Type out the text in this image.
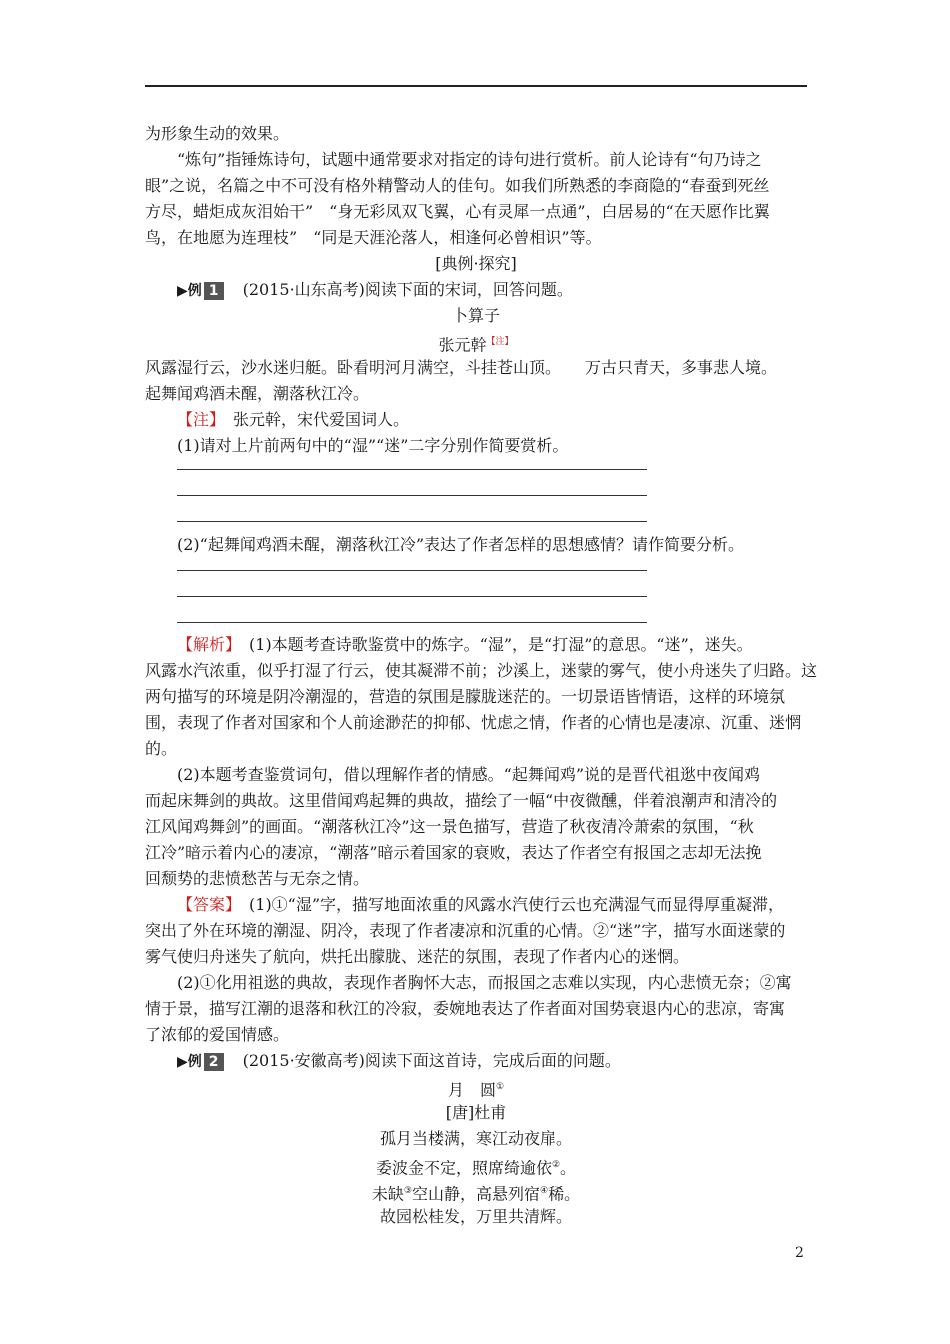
为形象生动的效果。

“炼句”指锤炼诗句，试题中通常要求对指定的诗句进行赏析。前人论诗有“句乃诗之

眼”之说，名篇之中不可没有格外精警动人的佳句。如我们所熟悉的李商隐的“春蚕到死丝

方尽，蜡炬成灰泪始干”　“身无彩凤双飞翼，心有灵犀一点通”，白居易的“在天愿作比翼

鸟，在地愿为连理枝”　“同是天涯沦落人，相逢何必曾相识”等。

[典例·探究]

▶例 1 (2015·山东高考)阅读下面的宋词，回答问题。

卜算子

张元幹$^{【注】}$

风露湿行云，沙水迷归艇。卧看明河月满空，斗挂苍山顶。　　万古只青天，多事悲人境。

起舞闻鸡酒未醒，潮落秋江冷。

【注】　张元幹，宋代爱国词人。

(1)请对上片前两句中的“湿”“迷”二字分别作简要赏析。

(2)“起舞闻鸡酒未醒，潮落秋江冷”表达了作者怎样的思想感情？请作简要分析。

【解析】　(1)本题考查诗歌鉴赏中的炼字。“湿”，是“打湿”的意思。“迷”，迷失。

风露水汽浓重，似乎打湿了行云，使其凝滞不前；沙溪上，迷蒙的雾气，使小舟迷失了归路。这

两句描写的环境是阴冷潮湿的，营造的氛围是朦胧迷茫的。一切景语皆情语，这样的环境氛

围，表现了作者对国家和个人前途渺茫的抑郁、忧虑之情，作者的心情也是凄凉、沉重、迷惘

的。

(2)本题考查鉴赏词句，借以理解作者的情感。“起舞闻鸡”说的是晋代祖逖中夜闻鸡

而起床舞剑的典故。这里借闻鸡起舞的典故，描绘了一幅“中夜微醺，伴着浪潮声和清冷的

江风闻鸡舞剑”的画面。“潮落秋江冷”这一景色描写，营造了秋夜清冷萧索的氛围，“秋

江冷”暗示着内心的凄凉，“潮落”暗示着国家的衰败，表达了作者空有报国之志却无法挽

回颓势的悲愤愁苦与无奈之情。

【答案】　(1)①“湿”字，描写地面浓重的风露水汽使行云也充满湿气而显得厚重凝滞，

突出了外在环境的潮湿、阴冷，表现了作者凄凉和沉重的心情。②“迷”字，描写水面迷蒙的

雾气使归舟迷失了航向，烘托出朦胧、迷茫的氛围，表现了作者内心的迷惘。

(2)①化用祖逖的典故，表现作者胸怀大志，而报国之志难以实现，内心悲愤无奈；②寓

情于景，描写江潮的退落和秋江的冷寂，委婉地表达了作者面对国势衰退内心的悲凉，寄寓

了浓郁的爱国情感。

▶例 2 (2015·安徽高考)阅读下面这首诗，完成后面的问题。

月　圆①

[唐]杜甫

孤月当楼满，寒江动夜扉。

委波金不定，照席绮逾依②。

未缺③空山静，高悬列宿④稀。

故园松桂发，万里共清辉。

2
